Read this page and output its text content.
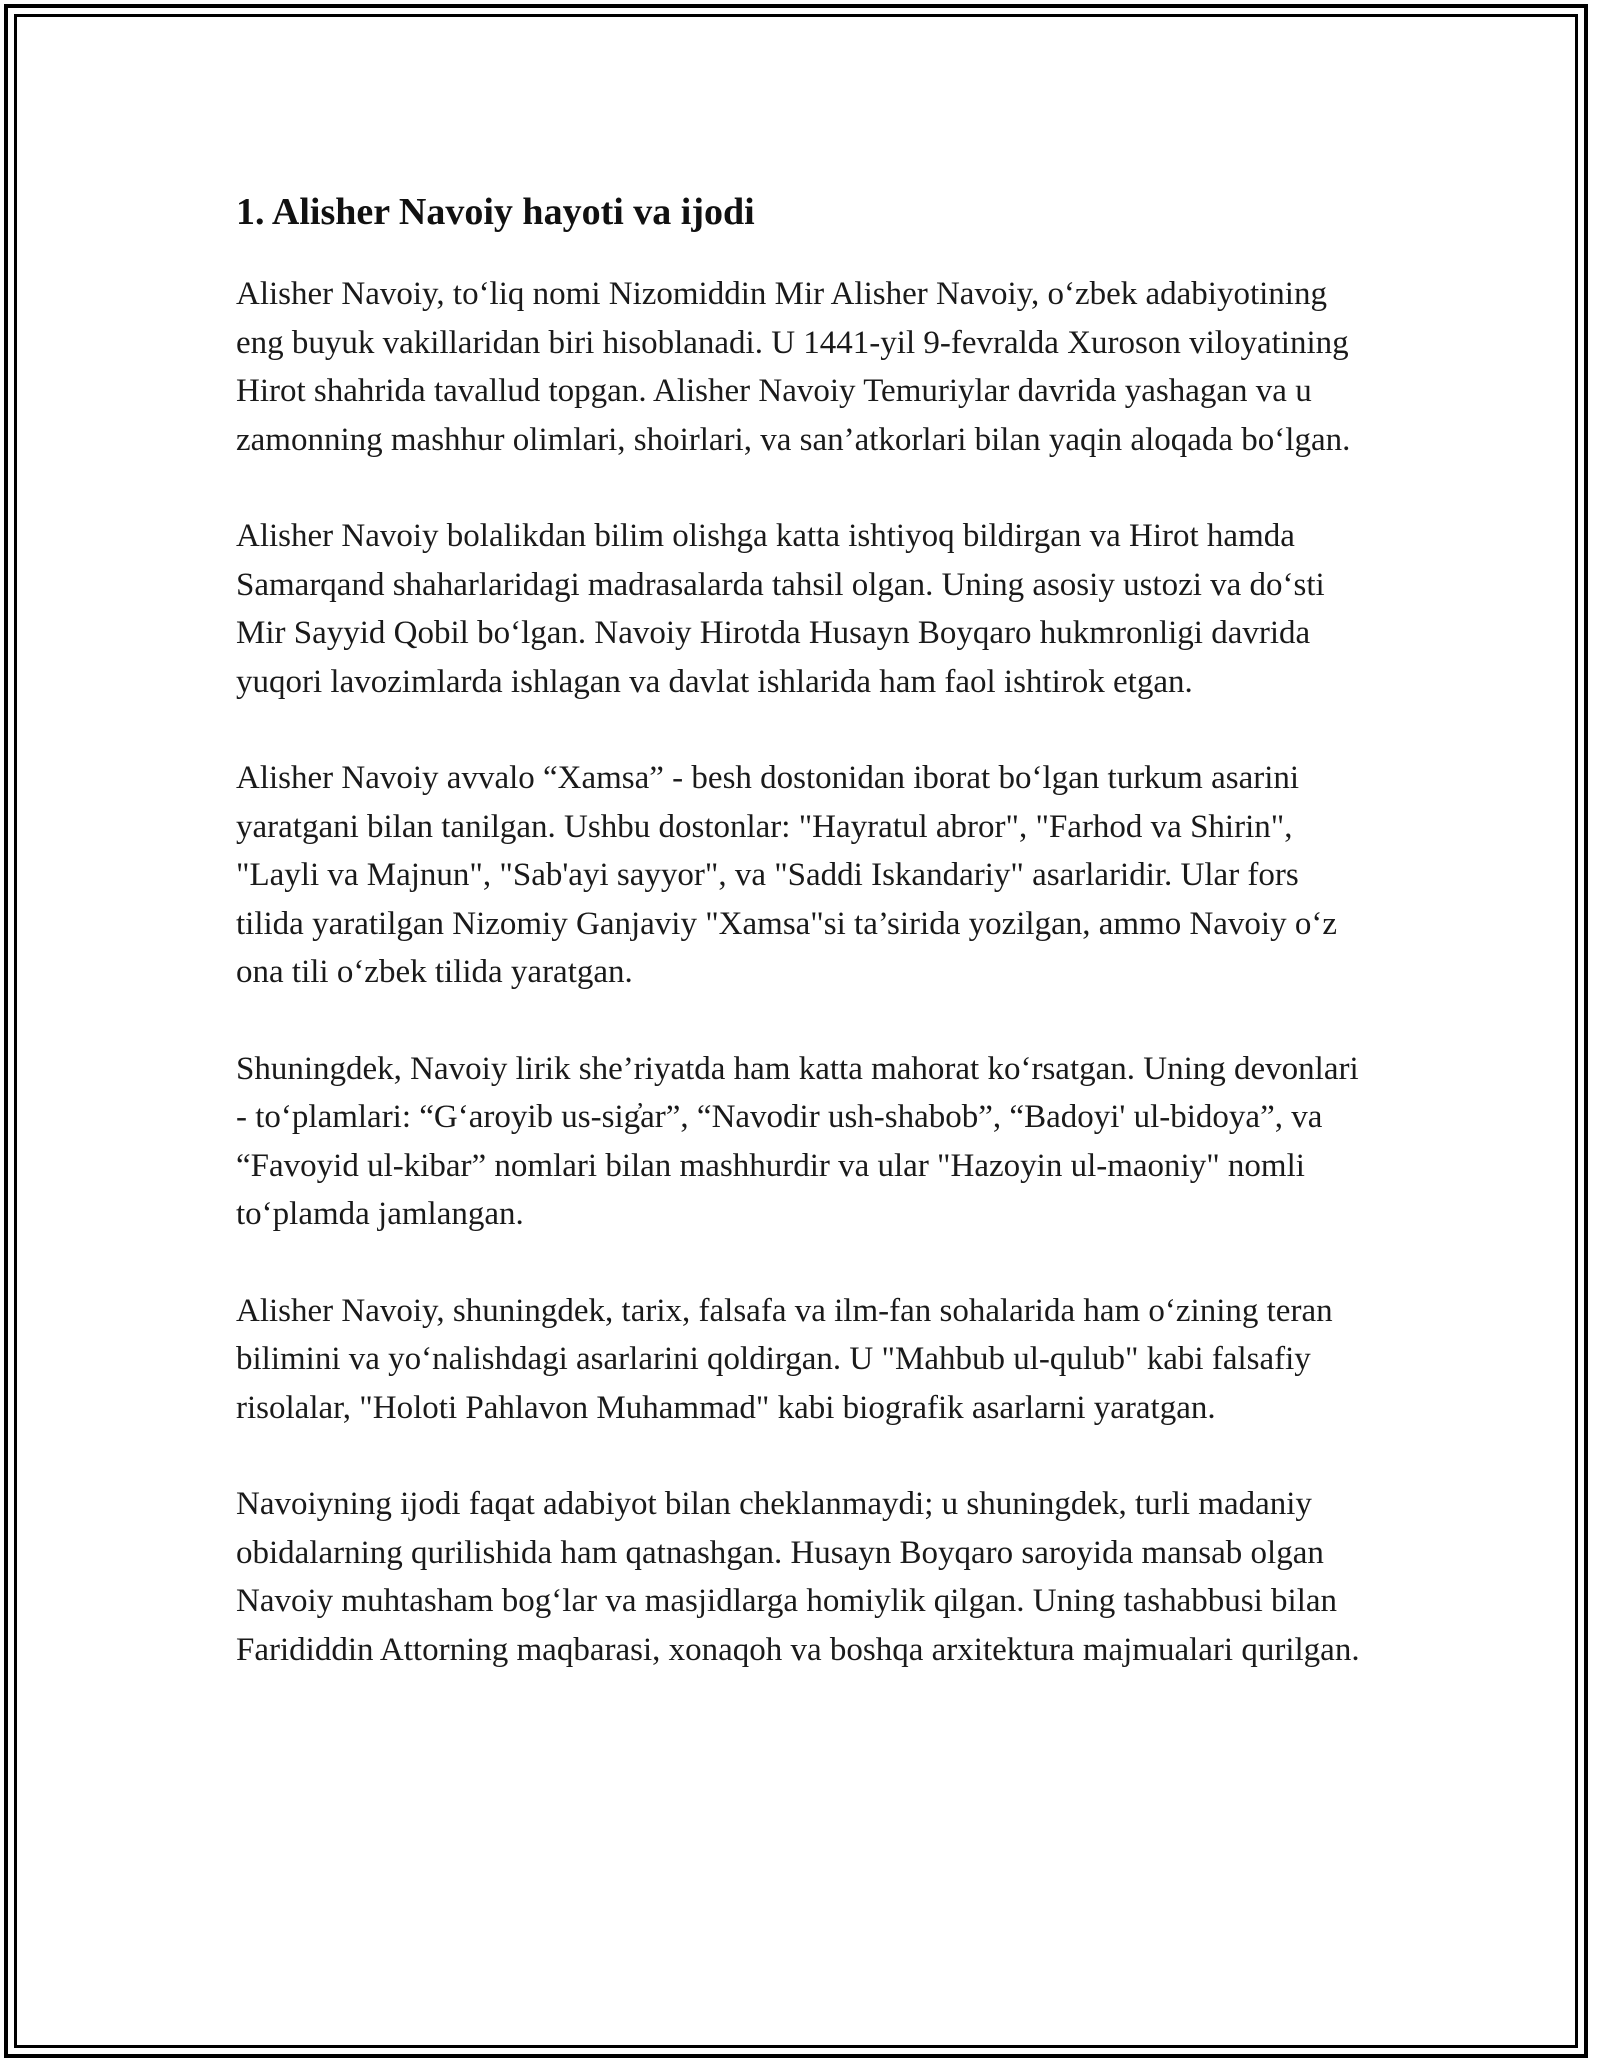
1. Alisher Navoiy hayoti va ijodi

Alisher Navoiy, to‘liq nomi Nizomiddin Mir Alisher Navoiy, o‘zbek adabiyotining eng buyuk vakillaridan biri hisoblanadi. U 1441-yil 9-fevralda Xuroson viloyatining Hirot shahrida tavallud topgan. Alisher Navoiy Temuriylar davrida yashagan va u zamonning mashhur olimlari, shoirlari, va san’atkorlari bilan yaqin aloqada bo‘lgan.

Alisher Navoiy bolalikdan bilim olishga katta ishtiyoq bildirgan va Hirot hamda Samarqand shaharlaridagi madrasalarda tahsil olgan. Uning asosiy ustozi va do‘sti Mir Sayyid Qobil bo‘lgan. Navoiy Hirotda Husayn Boyqaro hukmronligi davrida yuqori lavozimlarda ishlagan va davlat ishlarida ham faol ishtirok etgan.

Alisher Navoiy avvalo “Xamsa” - besh dostonidan iborat bo‘lgan turkum asarini yaratgani bilan tanilgan. Ushbu dostonlar: "Hayratul abror", "Farhod va Shirin", "Layli va Majnun", "Sab'ayi sayyor", va "Saddi Iskandariy" asarlaridir. Ular fors tilida yaratilgan Nizomiy Ganjaviy "Xamsa"si ta’sirida yozilgan, ammo Navoiy o‘z ona tili o‘zbek tilida yaratgan.

Shuningdek, Navoiy lirik she’riyatda ham katta mahorat ko‘rsatgan. Uning devonlari - to‘plamlari: “G‘aroyib us-sig̓ar”, “Navodir ush-shabob”, “Badoyi' ul-bidoya”, va “Favoyid ul-kibar” nomlari bilan mashhurdir va ular "Hazoyin ul-maoniy" nomli to‘plamda jamlangan.

Alisher Navoiy, shuningdek, tarix, falsafa va ilm-fan sohalarida ham o‘zining teran bilimini va yo‘nalishdagi asarlarini qoldirgan. U "Mahbub ul-qulub" kabi falsafiy risolalar, "Holoti Pahlavon Muhammad" kabi biografik asarlarni yaratgan.

Navoiyning ijodi faqat adabiyot bilan cheklanmaydi; u shuningdek, turli madaniy obidalarning qurilishida ham qatnashgan. Husayn Boyqaro saroyida mansab olgan Navoiy muhtasham bog‘lar va masjidlarga homiylik qilgan. Uning tashabbusi bilan Farididdin Attorning maqbarasi, xonaqoh va boshqa arxitektura majmualari qurilgan.
